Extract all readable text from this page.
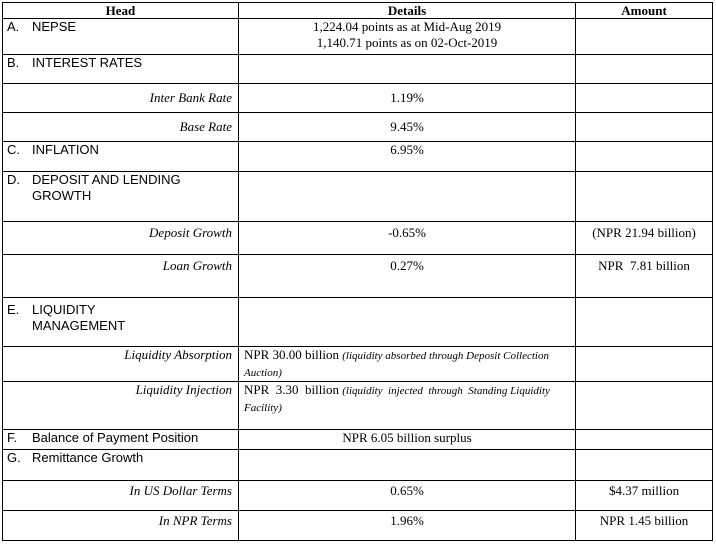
Head	Details	Amount
A. NEPSE	1,224.04 points as at Mid-Aug 2019
1,140.71 points as on 02-Oct-2019	

B. INTEREST RATES		
Inter Bank Rate	1.19%	
Base Rate	9.45%	
C. INFLATION	6.95%	

D. DEPOSIT AND LENDING
GROWTH		

Deposit Growth	-0.65%	(NPR 21.94 billion)
Loan Growth	0.27%	NPR  7.81 billion

E. LIQUIDITY
MANAGEMENT		

Liquidity Absorption	NPR 30.00 billion (liquidity absorbed through Deposit Collection Auction)	
Liquidity Injection	NPR  3.30  billion (liquidity  injected  through  Standing Liquidity Facility)	
F. Balance of Payment Position	NPR 6.05 billion surplus	
G. Remittance Growth		
In US Dollar Terms	0.65%	$4.37 million
In NPR Terms	1.96%	NPR 1.45 billion
